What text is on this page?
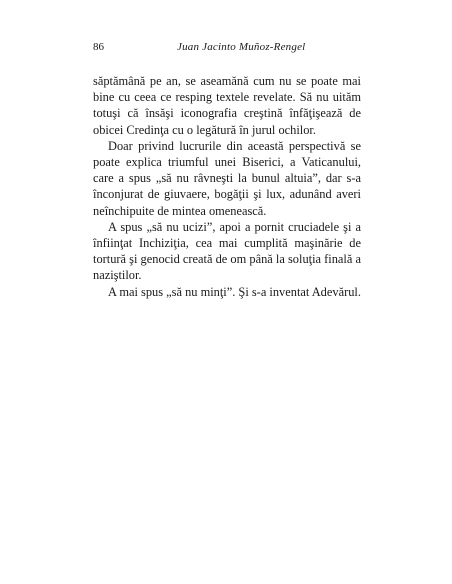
86	Juan Jacinto Muñoz-Rengel

săptămână pe an, se aseamănă cum nu se poate mai bine cu ceea ce resping textele revelate. Să nu uităm totuşi că însăşi iconografia creştină înfăţişează de obicei Credinţa cu o legătură în jurul ochilor.

Doar privind lucrurile din această perspectivă se poate explica triumful unei Biserici, a Vaticanului, care a spus „să nu râvneşti la bunul altuia”, dar s-a înconjurat de giuvaere, bogăţii şi lux, adunând averi neînchipuite de mintea omenească.

A spus „să nu ucizi”, apoi a pornit cruciadele şi a înfiinţat Inchiziţia, cea mai cumplită maşinărie de tortură şi genocid creată de om până la soluţia finală a naziştilor.

A mai spus „să nu minţi”. Şi s-a inventat Adevărul.
